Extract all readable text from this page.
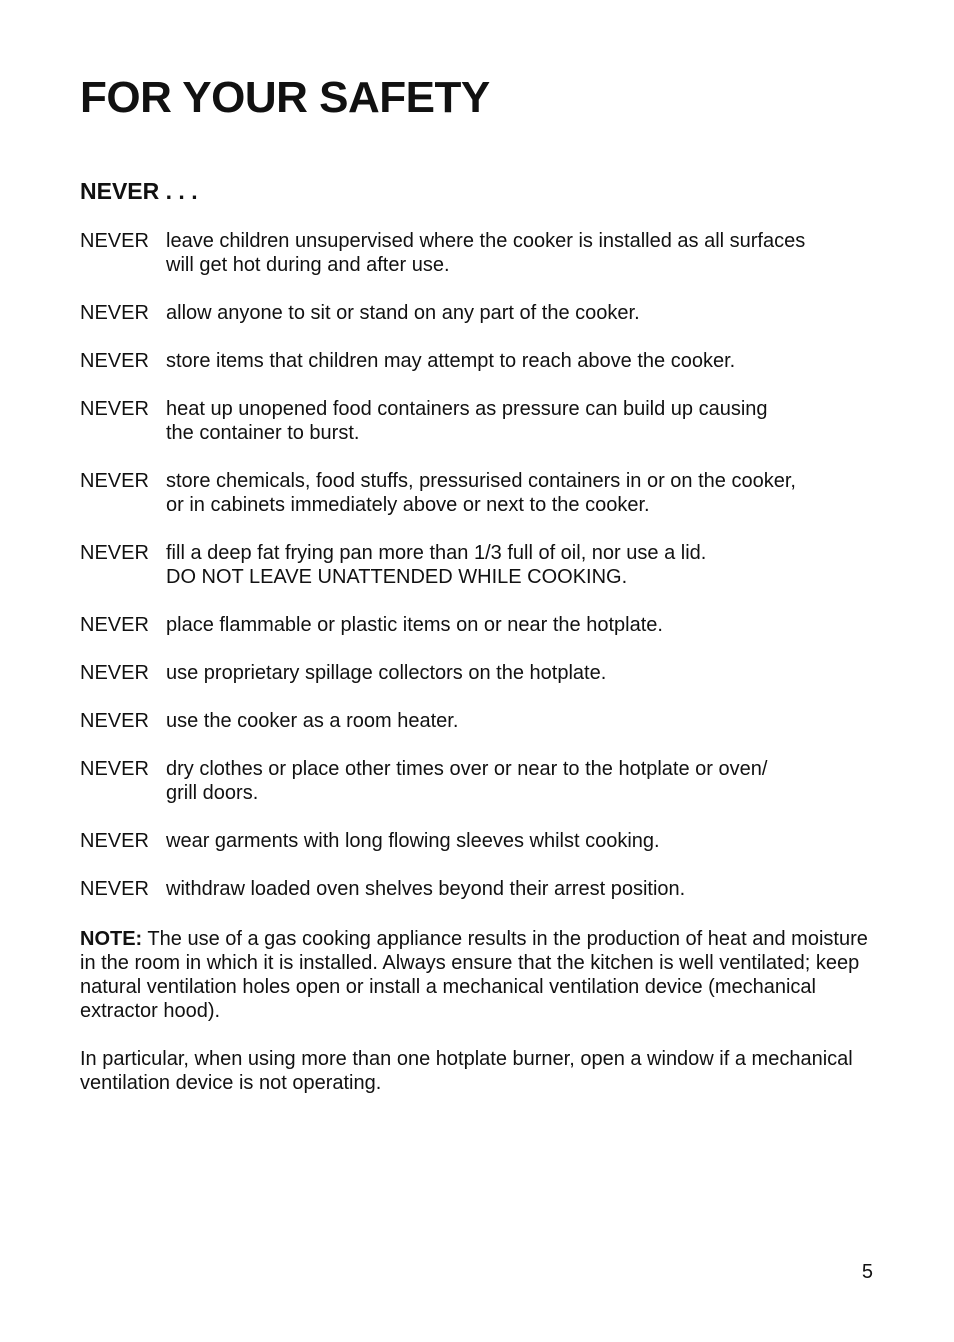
FOR YOUR SAFETY
NEVER . . .
NEVER leave children unsupervised where the cooker is installed as all surfaces
will get hot during and after use.
NEVER allow anyone to sit or stand on any part of the cooker.
NEVER store items that children may attempt to reach above the cooker.
NEVER heat up unopened food containers as pressure can build up causing
the container to burst.
NEVER store chemicals, food stuffs, pressurised containers in or on the cooker,
or in cabinets immediately above or next to the cooker.
NEVER fill a deep fat frying pan more than 1/3 full of oil, nor use a lid.
DO NOT LEAVE UNATTENDED WHILE COOKING.
NEVER place flammable or plastic items on or near the hotplate.
NEVER use proprietary spillage collectors on the hotplate.
NEVER use the cooker as a room heater.
NEVER dry clothes or place other times over or near to the hotplate or oven/
grill doors.
NEVER wear garments with long flowing sleeves whilst cooking.
NEVER withdraw loaded oven shelves beyond their arrest position.

NOTE: The use of a gas cooking appliance results in the production of heat and moisture in the room in which it is installed. Always ensure that the kitchen is well ventilated; keep natural ventilation holes open or install a mechanical ventilation device (mechanical extractor hood).

In particular, when using more than one hotplate burner, open a window if a mechanical ventilation device is not operating.

5
